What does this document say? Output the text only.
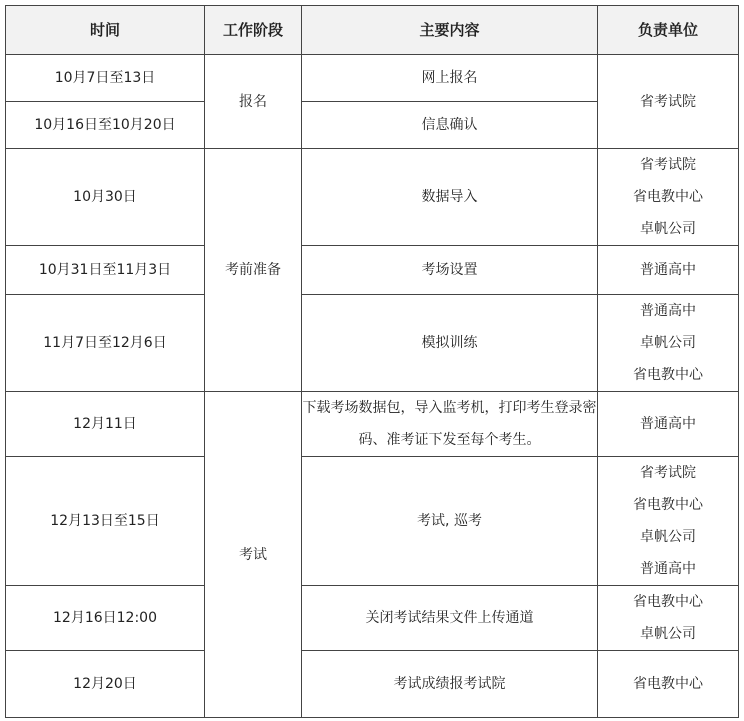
时间	工作阶段	主要内容	负责单位
10月7日至13日	报名	网上报名	省考试院

10月16日至10月20日		信息确认	
10月30日	考前准备	数据导入	省考试院
省电教中心
卓帆公司

10月31日至11月3日		考场设置	普通高中

11月7日至12月6日		模拟训练	普通高中
卓帆公司
省电教中心

12月11日	考试	下载考场数据包，导入监考机，打印考生登录密码、准考证下发至每个考生。	普通高中

12月13日至15日		考试, 巡考	省考试院
省电教中心
卓帆公司
普通高中

12月16日12:00		关闭考试结果文件上传通道	省电教中心
卓帆公司

12月20日		考试成绩报考试院	省电教中心
